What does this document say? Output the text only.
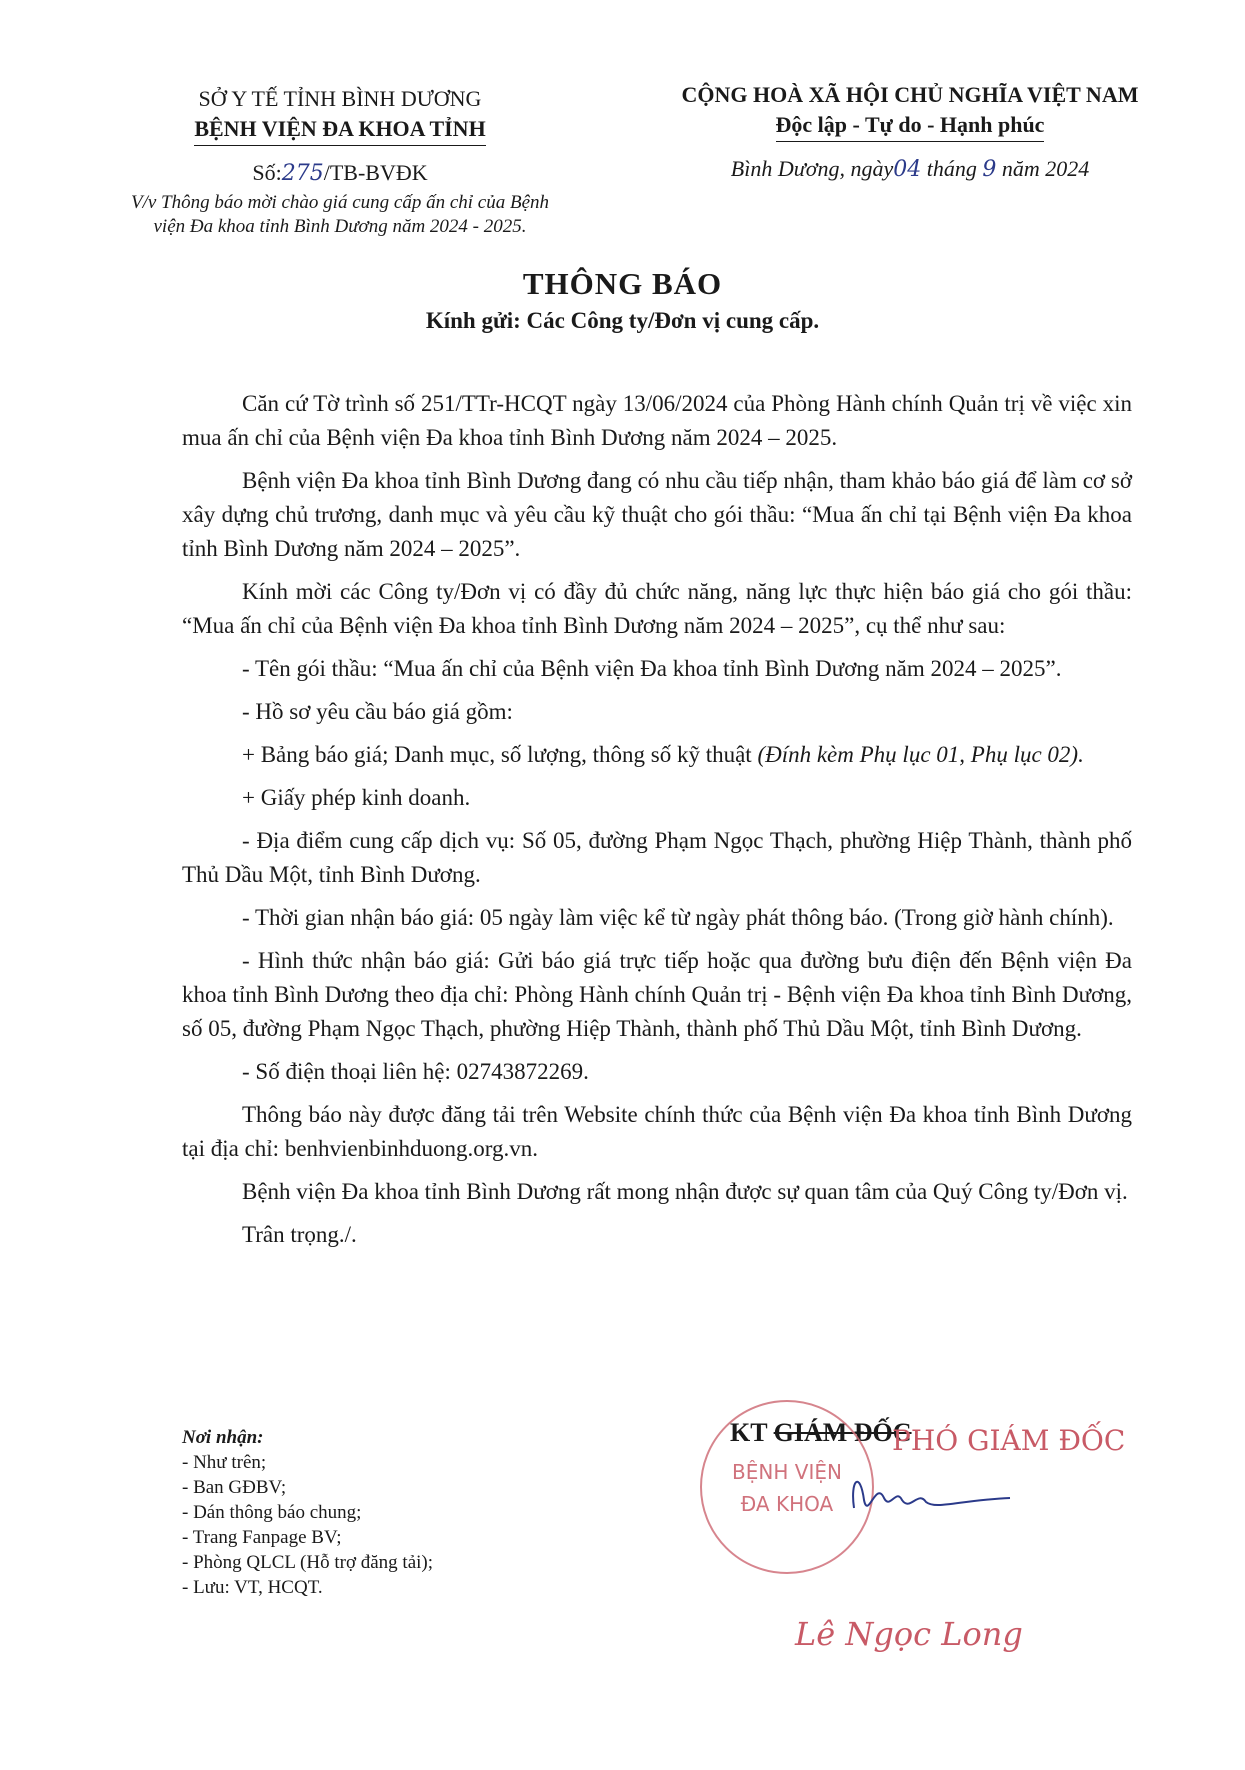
SỞ Y TẾ TỈNH BÌNH DƯƠNG
BỆNH VIỆN ĐA KHOA TỈNH
Số:275/TB-BVĐK
V/v Thông báo mời chào giá cung cấp ấn chỉ của Bệnh viện Đa khoa tỉnh Bình Dương năm 2024 - 2025.
CỘNG HOÀ XÃ HỘI CHỦ NGHĨA VIỆT NAM
Độc lập - Tự do - Hạnh phúc
Bình Dương, ngày04 tháng 9 năm 2024
THÔNG BÁO
Kính gửi: Các Công ty/Đơn vị cung cấp.

Căn cứ Tờ trình số 251/TTr-HCQT ngày 13/06/2024 của Phòng Hành chính Quản trị về việc xin mua ấn chỉ của Bệnh viện Đa khoa tỉnh Bình Dương năm 2024 – 2025.

Bệnh viện Đa khoa tỉnh Bình Dương đang có nhu cầu tiếp nhận, tham khảo báo giá để làm cơ sở xây dựng chủ trương, danh mục và yêu cầu kỹ thuật cho gói thầu: “Mua ấn chỉ tại Bệnh viện Đa khoa tỉnh Bình Dương năm 2024 – 2025”.

Kính mời các Công ty/Đơn vị có đầy đủ chức năng, năng lực thực hiện báo giá cho gói thầu: “Mua ấn chỉ của Bệnh viện Đa khoa tỉnh Bình Dương năm 2024 – 2025”, cụ thể như sau:

- Tên gói thầu: “Mua ấn chỉ của Bệnh viện Đa khoa tỉnh Bình Dương năm 2024 – 2025”.

- Hồ sơ yêu cầu báo giá gồm:

+ Bảng báo giá; Danh mục, số lượng, thông số kỹ thuật (Đính kèm Phụ lục 01, Phụ lục 02).

+ Giấy phép kinh doanh.

- Địa điểm cung cấp dịch vụ: Số 05, đường Phạm Ngọc Thạch, phường Hiệp Thành, thành phố Thủ Dầu Một, tỉnh Bình Dương.

- Thời gian nhận báo giá: 05 ngày làm việc kể từ ngày phát thông báo. (Trong giờ hành chính).

- Hình thức nhận báo giá: Gửi báo giá trực tiếp hoặc qua đường bưu điện đến Bệnh viện Đa khoa tỉnh Bình Dương theo địa chỉ: Phòng Hành chính Quản trị - Bệnh viện Đa khoa tỉnh Bình Dương, số 05, đường Phạm Ngọc Thạch, phường Hiệp Thành, thành phố Thủ Dầu Một, tỉnh Bình Dương.

- Số điện thoại liên hệ: 02743872269.

Thông báo này được đăng tải trên Website chính thức của Bệnh viện Đa khoa tỉnh Bình Dương tại địa chỉ: benhvienbinhduong.org.vn.

Bệnh viện Đa khoa tỉnh Bình Dương rất mong nhận được sự quan tâm của Quý Công ty/Đơn vị.

Trân trọng./.

Nơi nhận:
- Như trên;
- Ban GĐBV;
- Dán thông báo chung;
- Trang Fanpage BV;
- Phòng QLCL (Hỗ trợ đăng tải);
- Lưu: VT, HCQT.
KT GIÁM ĐỐC
PHÓ GIÁM ĐỐC
BỆNH VIỆN
ĐA KHOA
Lê Ngọc Long
